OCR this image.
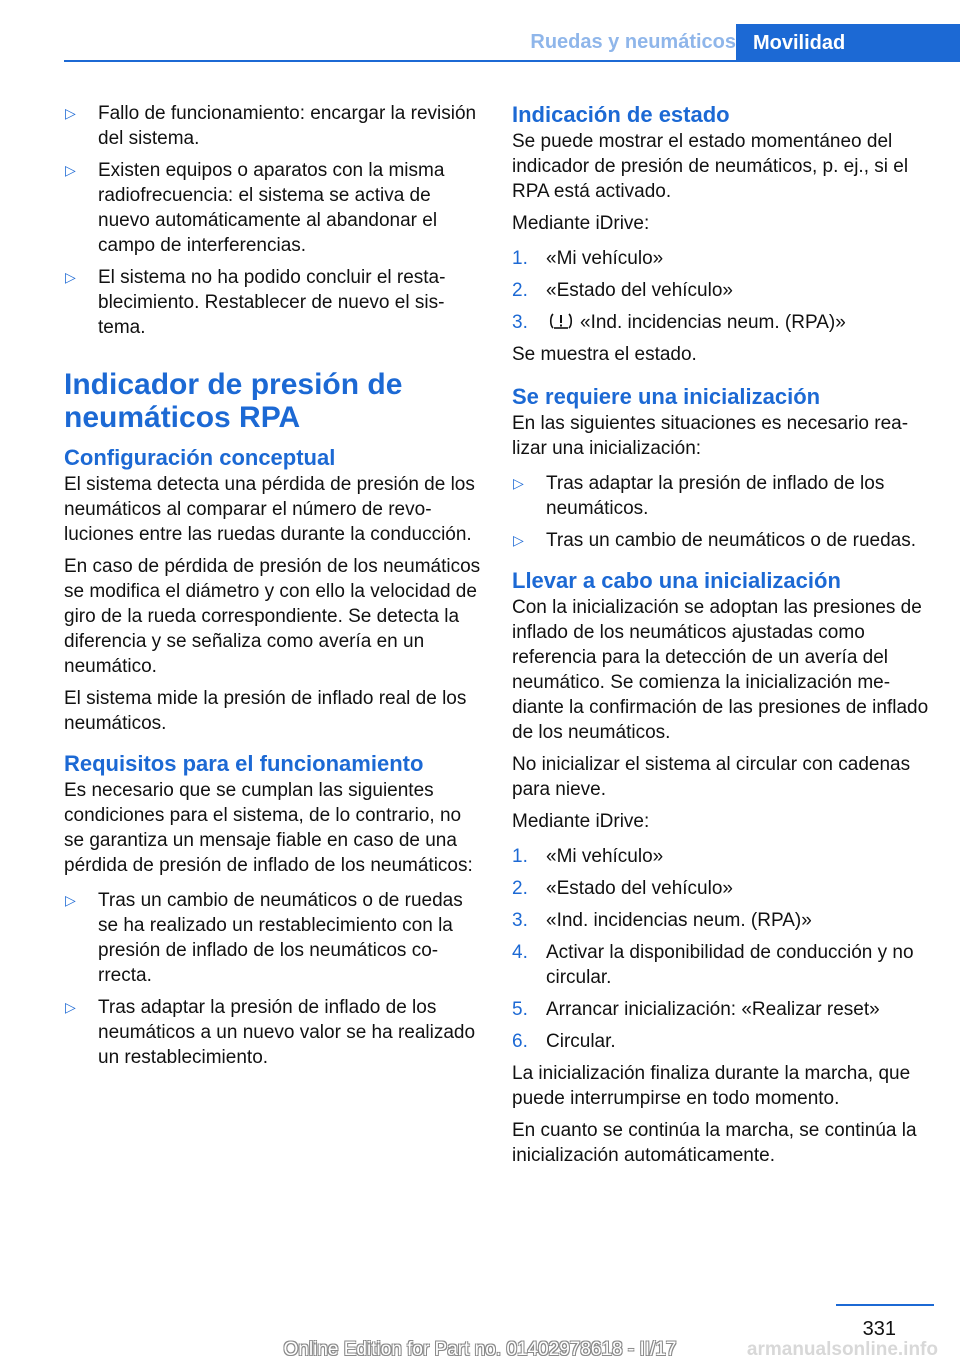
Ruedas y neumáticos Movilidad
▷ Fallo de funcionamiento: encargar la revisión del sistema.
▷ Existen equipos o aparatos con la misma radiofrecuencia: el sistema se activa de nuevo automáticamente al abandonar el campo de interferencias.
▷ El sistema no ha podido concluir el restablecimiento. Restablecer de nuevo el sistema.
Indicador de presión de neumáticos RPA
Configuración conceptual

El sistema detecta una pérdida de presión de los neumáticos al comparar el número de revoluciones entre las ruedas durante la conducción.

En caso de pérdida de presión de los neumáticos se modifica el diámetro y con ello la velocidad de giro de la rueda correspondiente. Se detecta la diferencia y se señaliza como avería en un neumático.

El sistema mide la presión de inflado real de los neumáticos.

Requisitos para el funcionamiento

Es necesario que se cumplan las siguientes condiciones para el sistema, de lo contrario, no se garantiza un mensaje fiable en caso de una pérdida de presión de inflado de los neumáticos:

▷ Tras un cambio de neumáticos o de ruedas se ha realizado un restablecimiento con la presión de inflado de los neumáticos correcta.
▷ Tras adaptar la presión de inflado de los neumáticos a un nuevo valor se ha realizado un restablecimiento.
Indicación de estado

Se puede mostrar el estado momentáneo del indicador de presión de neumáticos, p. ej., si el RPA está activado.

Mediante iDrive:

1. «Mi vehículo»
2. «Estado del vehículo»
3.	«Ind. incidencias neum. (RPA)»

Se muestra el estado.

Se requiere una inicialización

En las siguientes situaciones es necesario realizar una inicialización:

▷ Tras adaptar la presión de inflado de los neumáticos.
▷ Tras un cambio de neumáticos o de ruedas.
Llevar a cabo una inicialización

Con la inicialización se adoptan las presiones de inflado de los neumáticos ajustadas como referencia para la detección de un avería del neumático. Se comienza la inicialización mediante la confirmación de las presiones de inflado de los neumáticos.

No inicializar el sistema al circular con cadenas para nieve.

Mediante iDrive:

1. «Mi vehículo»
2. «Estado del vehículo»
3. «Ind. incidencias neum. (RPA)»
4. Activar la disponibilidad de conducción y no circular.
5. Arrancar inicialización: «Realizar reset»
6. Circular.

La inicialización finaliza durante la marcha, que puede interrumpirse en todo momento.

En cuanto se continúa la marcha, se continúa la inicialización automáticamente.

331
Online Edition for Part no. 01402978618 - II/17	armanualsonline.info
